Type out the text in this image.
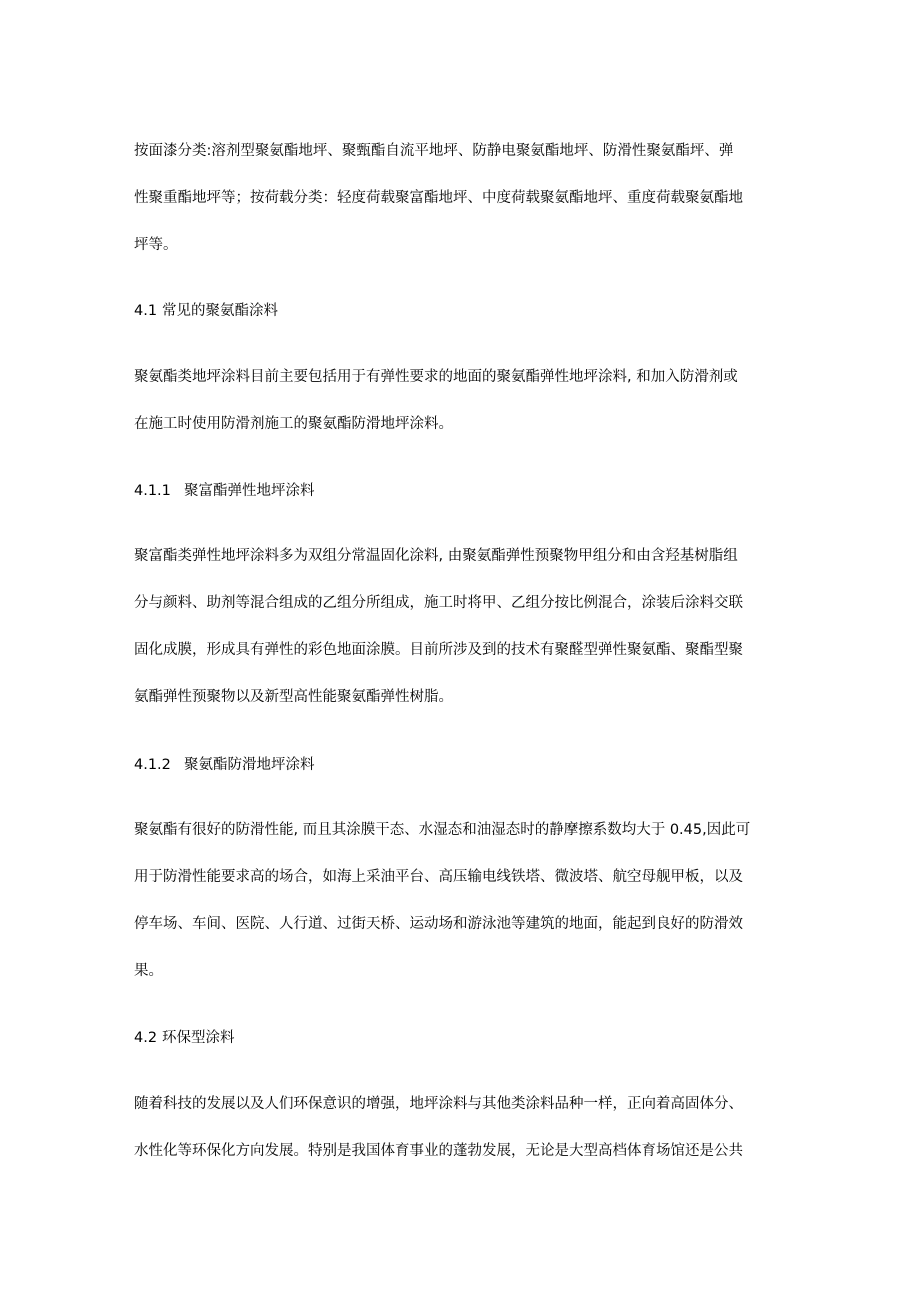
按面漆分类:溶剂型聚氨酯地坪、聚甄酯自流平地坪、防静电聚氨酯地坪、防滑性聚氨酯坪、弹

性聚重酯地坪等；按荷载分类：轻度荷载聚富酯地坪、中度荷载聚氨酯地坪、重度荷载聚氨酯地

坪等。

4.1 常见的聚氨酯涂料

聚氨酯类地坪涂料目前主要包括用于有弹性要求的地面的聚氨酯弹性地坪涂料, 和加入防滑剂或

在施工时使用防滑剂施工的聚氨酯防滑地坪涂料。

4.1.1 聚富酯弹性地坪涂料

聚富酯类弹性地坪涂料多为双组分常温固化涂料, 由聚氨酯弹性预聚物甲组分和由含羟基树脂组

分与颜料、助剂等混合组成的乙组分所组成，施工时将甲、乙组分按比例混合，涂装后涂料交联

固化成膜，形成具有弹性的彩色地面涂膜。目前所涉及到的技术有聚醛型弹性聚氨酯、聚酯型聚

氨酯弹性预聚物以及新型高性能聚氨酯弹性树脂。

4.1.2 聚氨酯防滑地坪涂料

聚氨酯有很好的防滑性能, 而且其涂膜干态、水湿态和油湿态时的静摩擦系数均大于 0.45,因此可

用于防滑性能要求高的场合，如海上采油平台、高压输电线铁塔、微波塔、航空母舰甲板，以及

停车场、车间、医院、人行道、过街天桥、运动场和游泳池等建筑的地面，能起到良好的防滑效

果。

4.2 环保型涂料

随着科技的发展以及人们环保意识的增强，地坪涂料与其他类涂料品种一样，正向着高固体分、

水性化等环保化方向发展。特别是我国体育事业的蓬勃发展，无论是大型高档体育场馆还是公共
